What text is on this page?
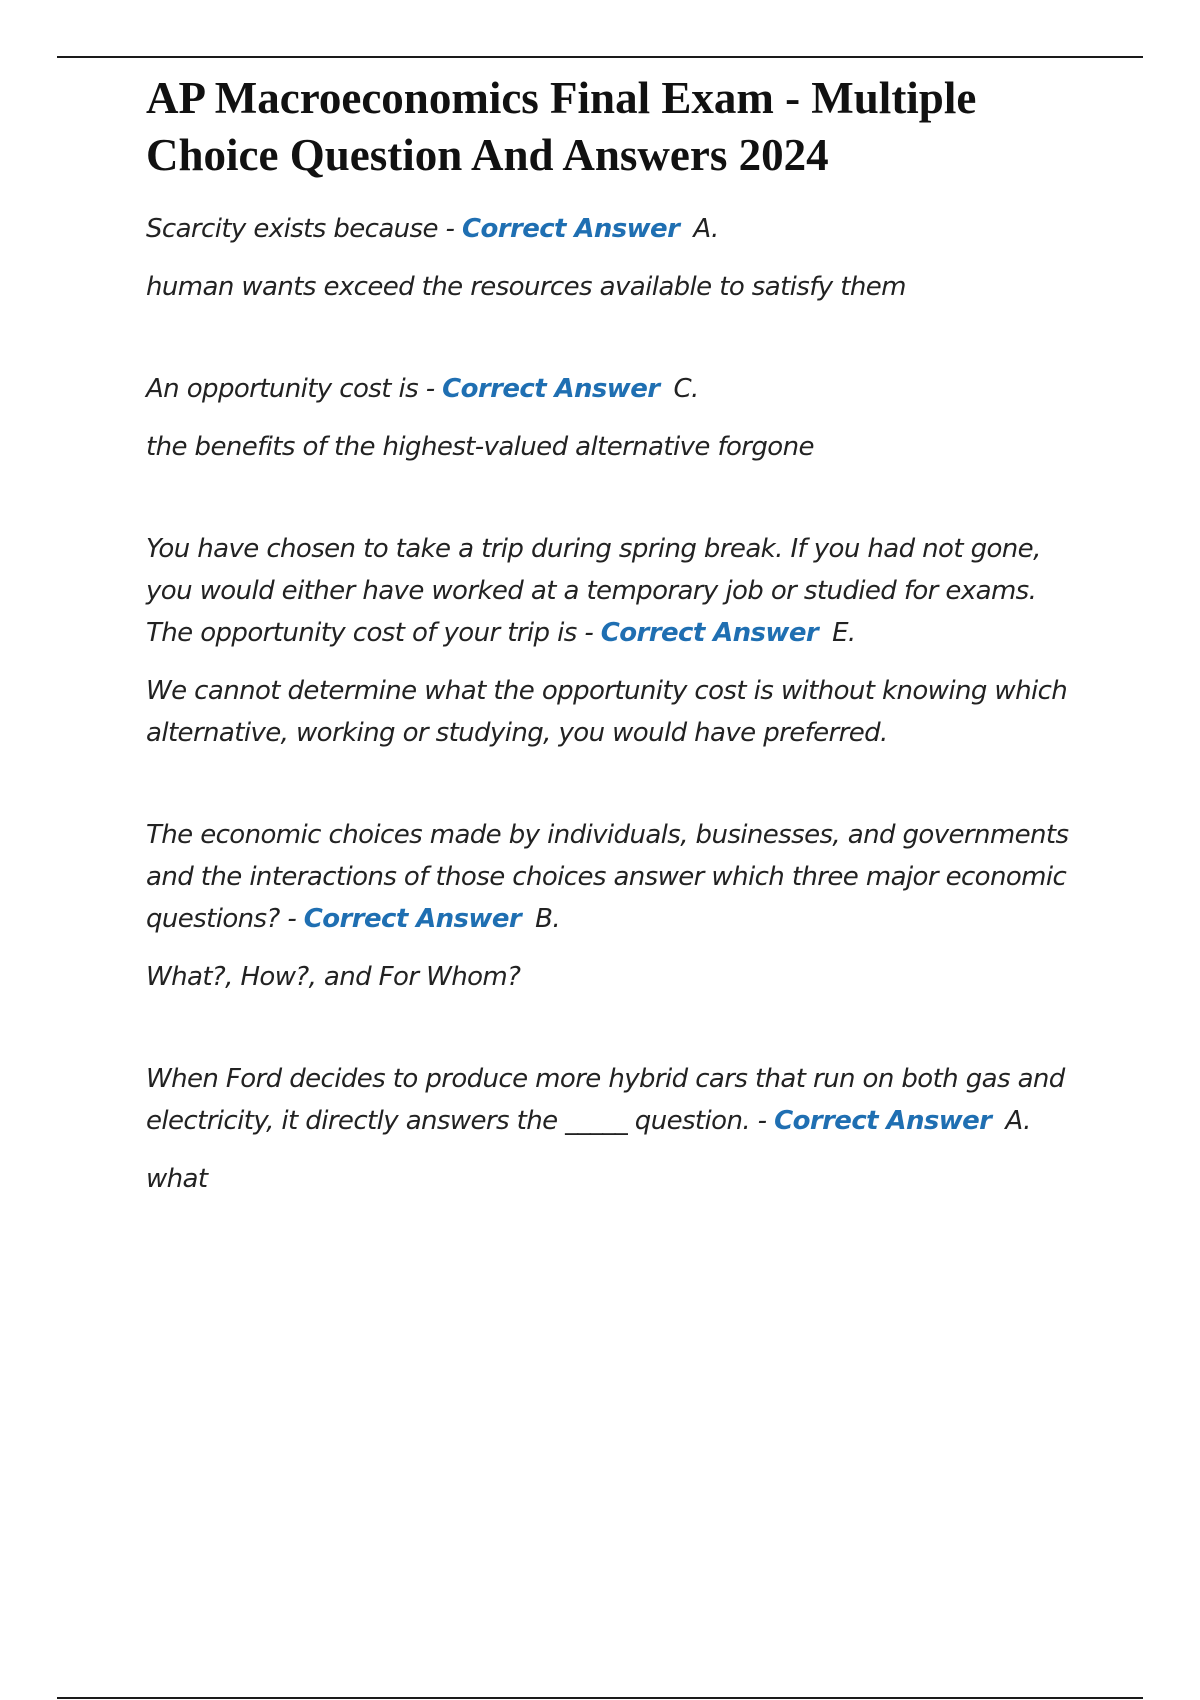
AP Macroeconomics Final Exam - Multiple Choice Question And Answers 2024

Scarcity exists because - Correct Answer A.

human wants exceed the resources available to satisfy them

An opportunity cost is - Correct Answer C.

the benefits of the highest-valued alternative forgone

You have chosen to take a trip during spring break. If you had not gone, you would either have worked at a temporary job or studied for exams. The opportunity cost of your trip is - Correct Answer E.

We cannot determine what the opportunity cost is without knowing which alternative, working or studying, you would have preferred.

The economic choices made by individuals, businesses, and governments and the interactions of those choices answer which three major economic questions? - Correct Answer B.

What?, How?, and For Whom?

When Ford decides to produce more hybrid cars that run on both gas and electricity, it directly answers the _____ question. - Correct Answer A.

what
